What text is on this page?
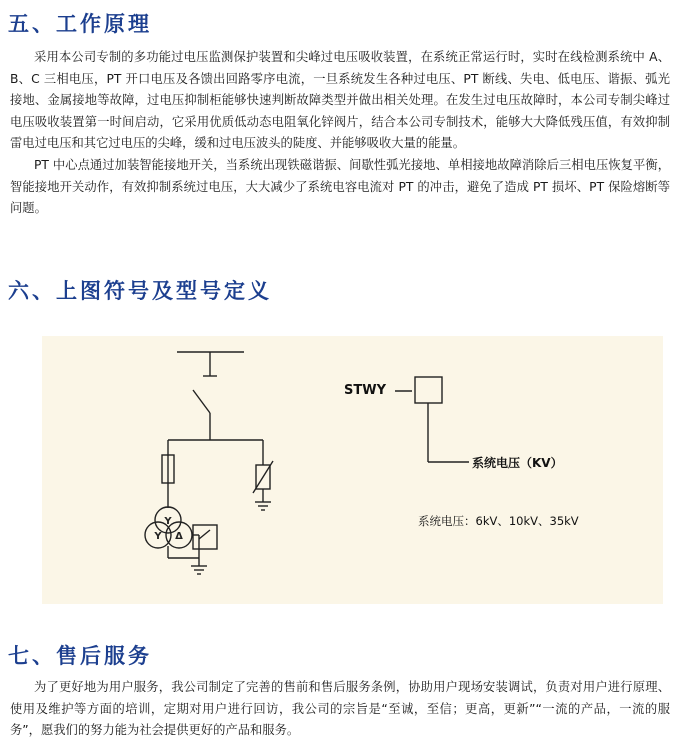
五、工作原理

采用本公司专制的多功能过电压监测保护装置和尖峰过电压吸收装置，在系统正常运行时，实时在线检测系统中 A、B、C 三相电压，PT 开口电压及各馈出回路零序电流，一旦系统发生各种过电压、PT 断线、失电、低电压、谐振、弧光接地、金属接地等故障，过电压抑制柜能够快速判断故障类型并做出相关处理。在发生过电压故障时，本公司专制尖峰过电压吸收装置第一时间启动，它采用优质低动态电阻氧化锌阀片，结合本公司专制技术，能够大大降低残压值，有效抑制雷电过电压和其它过电压的尖峰，缓和过电压波头的陡度、并能够吸收大量的能量。

PT 中心点通过加装智能接地开关，当系统出现铁磁谐振、间歇性弧光接地、单相接地故障消除后三相电压恢复平衡，智能接地开关动作，有效抑制系统过电压，大大减少了系统电容电流对 PT 的冲击，避免了造成 PT 损坏、PT 保险熔断等问题。

六、上图符号及型号定义
Y
Y Δ
STWY
系统电压（KV）
系统电压：6kV、10kV、35kV
七、售后服务

为了更好地为用户服务，我公司制定了完善的售前和售后服务条例，协助用户现场安装调试，负责对用户进行原理、使用及维护等方面的培训，定期对用户进行回访，我公司的宗旨是“至诚，至信；更高，更新”“一流的产品，一流的服务”，愿我们的努力能为社会提供更好的产品和服务。
